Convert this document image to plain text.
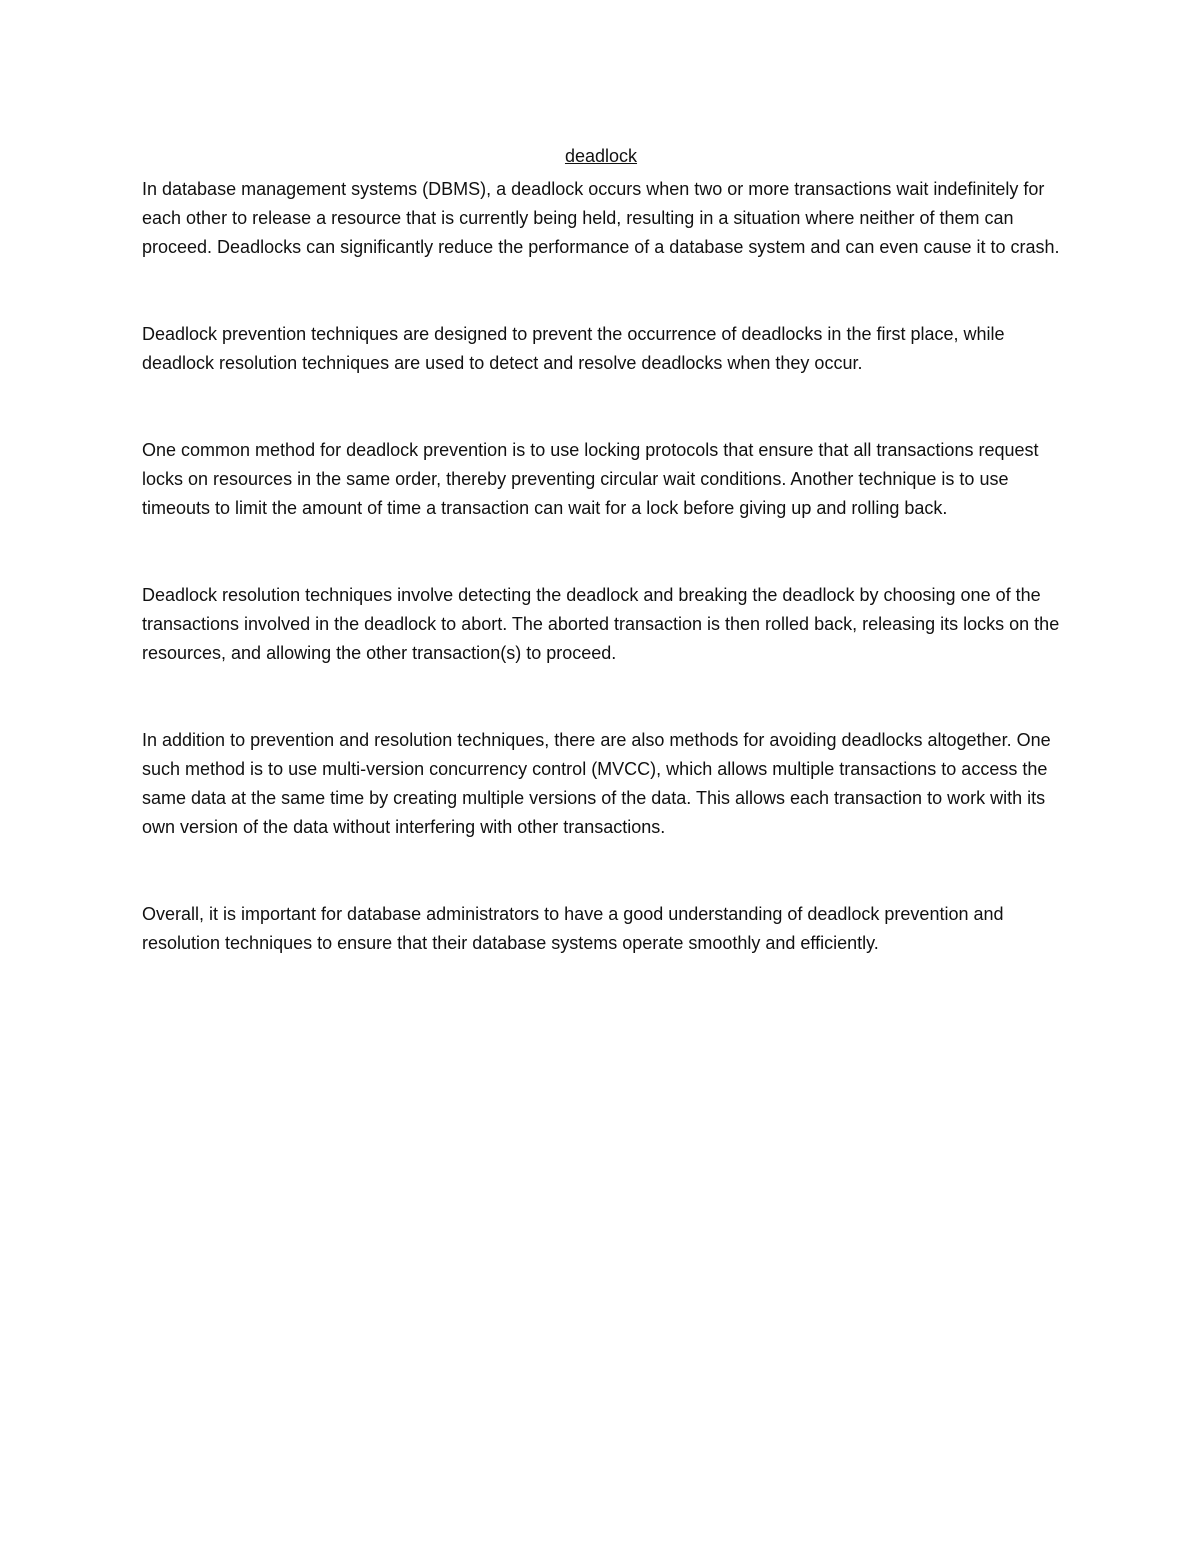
deadlock

In database management systems (DBMS), a deadlock occurs when two or more transactions wait indefinitely for each other to release a resource that is currently being held, resulting in a situation where neither of them can proceed. Deadlocks can significantly reduce the performance of a database system and can even cause it to crash.

Deadlock prevention techniques are designed to prevent the occurrence of deadlocks in the first place, while deadlock resolution techniques are used to detect and resolve deadlocks when they occur.

One common method for deadlock prevention is to use locking protocols that ensure that all transactions request locks on resources in the same order, thereby preventing circular wait conditions. Another technique is to use timeouts to limit the amount of time a transaction can wait for a lock before giving up and rolling back.

Deadlock resolution techniques involve detecting the deadlock and breaking the deadlock by choosing one of the transactions involved in the deadlock to abort. The aborted transaction is then rolled back, releasing its locks on the resources, and allowing the other transaction(s) to proceed.

In addition to prevention and resolution techniques, there are also methods for avoiding deadlocks altogether. One such method is to use multi-version concurrency control (MVCC), which allows multiple transactions to access the same data at the same time by creating multiple versions of the data. This allows each transaction to work with its own version of the data without interfering with other transactions.

Overall, it is important for database administrators to have a good understanding of deadlock prevention and resolution techniques to ensure that their database systems operate smoothly and efficiently.
